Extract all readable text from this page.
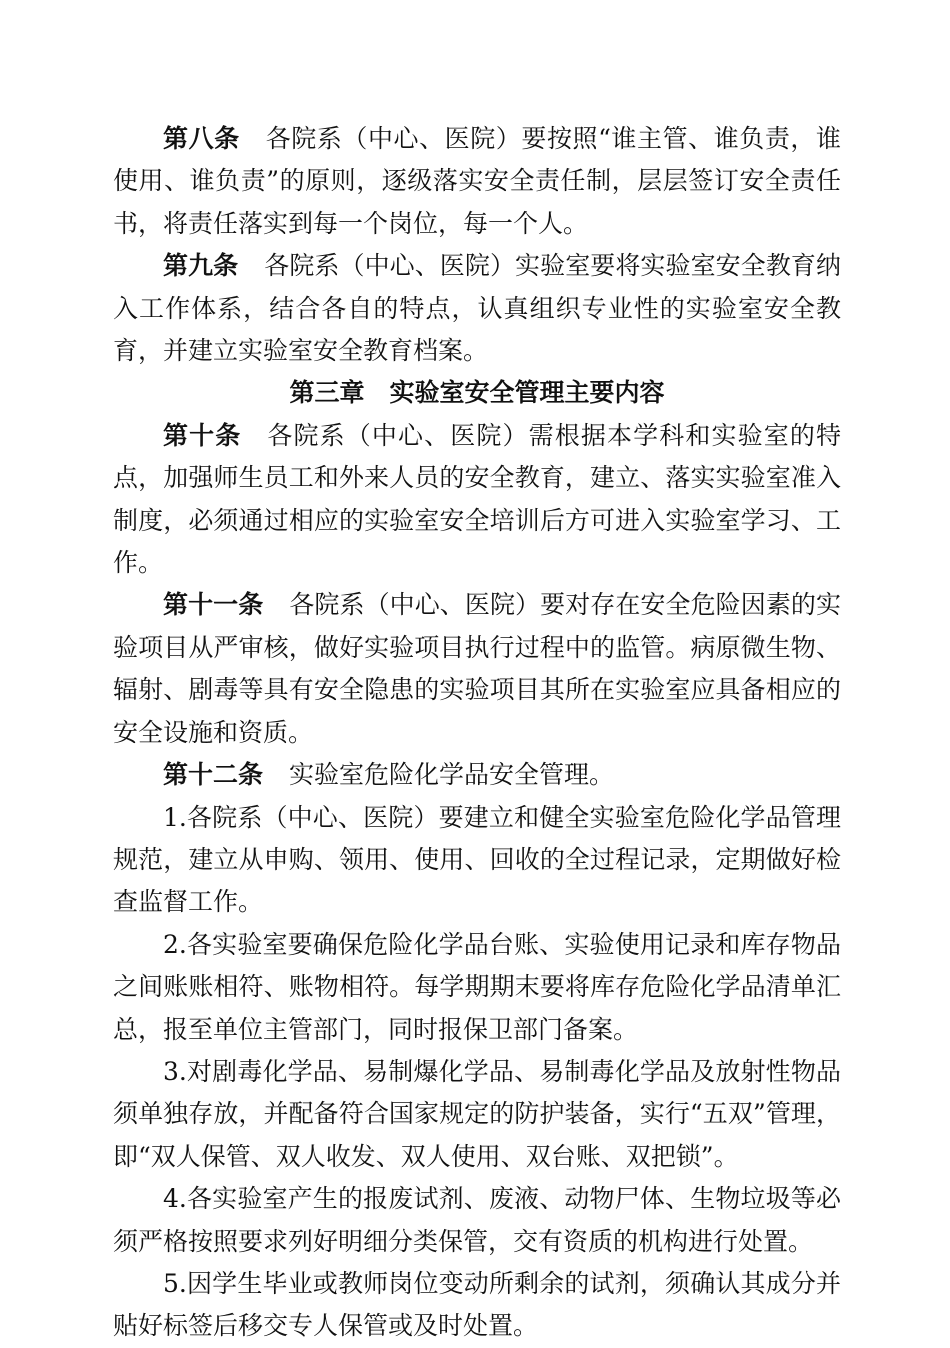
第八条 各院系（中心、医院）要按照“谁主管、谁负责，谁使用、谁负责”的原则，逐级落实安全责任制，层层签订安全责任书，将责任落实到每一个岗位，每一个人。

第九条 各院系（中心、医院）实验室要将实验室安全教育纳入工作体系，结合各自的特点，认真组织专业性的实验室安全教育，并建立实验室安全教育档案。

第三章　实验室安全管理主要内容

第十条 各院系（中心、医院）需根据本学科和实验室的特点，加强师生员工和外来人员的安全教育，建立、落实实验室准入制度，必须通过相应的实验室安全培训后方可进入实验室学习、工作。

第十一条 各院系（中心、医院）要对存在安全危险因素的实验项目从严审核，做好实验项目执行过程中的监管。病原微生物、辐射、剧毒等具有安全隐患的实验项目其所在实验室应具备相应的安全设施和资质。

第十二条 实验室危险化学品安全管理。

1.各院系（中心、医院）要建立和健全实验室危险化学品管理规范，建立从申购、领用、使用、回收的全过程记录，定期做好检查监督工作。

2.各实验室要确保危险化学品台账、实验使用记录和库存物品之间账账相符、账物相符。每学期期末要将库存危险化学品清单汇总，报至单位主管部门，同时报保卫部门备案。

3.对剧毒化学品、易制爆化学品、易制毒化学品及放射性物品须单独存放，并配备符合国家规定的防护装备，实行“五双”管理，即“双人保管、双人收发、双人使用、双台账、双把锁”。

4.各实验室产生的报废试剂、废液、动物尸体、生物垃圾等必须严格按照要求列好明细分类保管，交有资质的机构进行处置。

5.因学生毕业或教师岗位变动所剩余的试剂，须确认其成分并贴好标签后移交专人保管或及时处置。
